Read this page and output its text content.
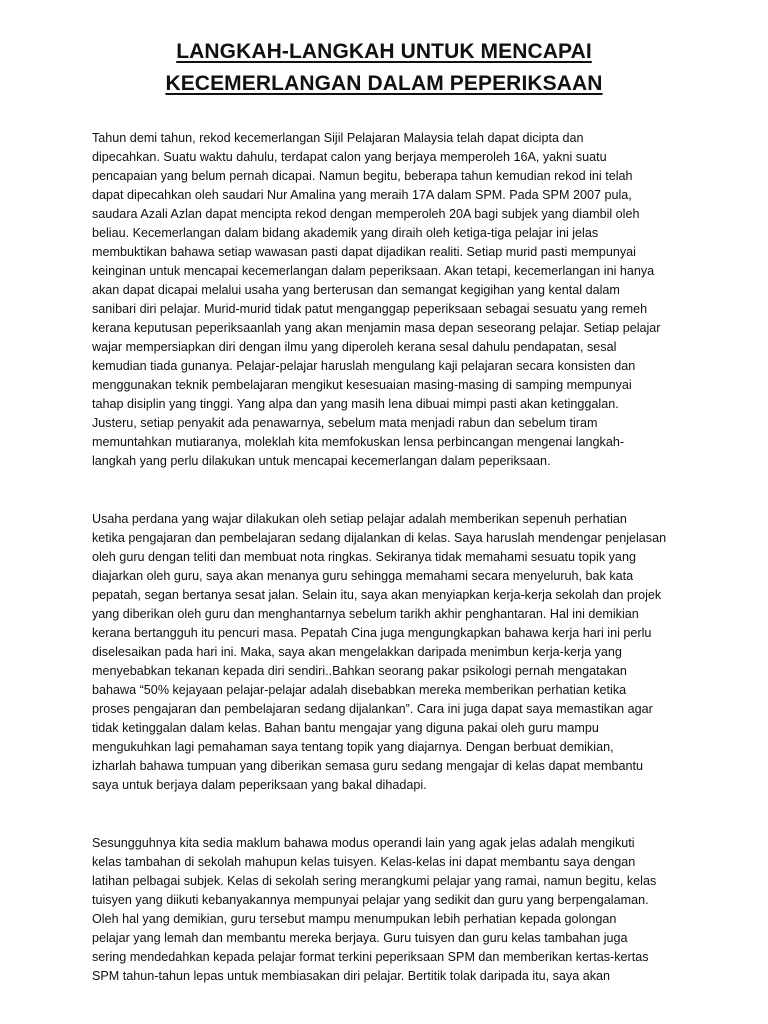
LANGKAH-LANGKAH UNTUK MENCAPAI
KECEMERLANGAN DALAM PEPERIKSAAN
Tahun demi tahun, rekod kecemerlangan Sijil Pelajaran Malaysia telah dapat dicipta dan
dipecahkan. Suatu waktu dahulu, terdapat calon yang berjaya memperoleh 16A, yakni suatu
pencapaian yang belum pernah dicapai. Namun begitu, beberapa tahun kemudian rekod ini telah
dapat dipecahkan oleh saudari Nur Amalina yang meraih 17A dalam SPM. Pada SPM 2007 pula,
saudara Azali Azlan dapat mencipta rekod dengan memperoleh 20A bagi subjek yang diambil oleh
beliau. Kecemerlangan dalam bidang akademik yang diraih oleh ketiga-tiga pelajar ini jelas
membuktikan bahawa setiap wawasan pasti dapat dijadikan realiti. Setiap murid pasti mempunyai
keinginan untuk mencapai kecemerlangan dalam peperiksaan. Akan tetapi, kecemerlangan ini hanya
akan dapat dicapai melalui usaha yang berterusan dan semangat kegigihan yang kental dalam
sanibari diri pelajar. Murid-murid tidak patut menganggap peperiksaan sebagai sesuatu yang remeh
kerana keputusan peperiksaanlah yang akan menjamin masa depan seseorang pelajar. Setiap pelajar
wajar mempersiapkan diri dengan ilmu yang diperoleh kerana sesal dahulu pendapatan, sesal
kemudian tiada gunanya. Pelajar-pelajar haruslah mengulang kaji pelajaran secara konsisten dan
menggunakan teknik pembelajaran mengikut kesesuaian masing-masing di samping mempunyai
tahap disiplin yang tinggi. Yang alpa dan yang masih lena dibuai mimpi pasti akan ketinggalan.
Justeru, setiap penyakit ada penawarnya, sebelum mata menjadi rabun dan sebelum tiram
memuntahkan mutiaranya, moleklah kita memfokuskan lensa perbincangan mengenai langkah-
langkah yang perlu dilakukan untuk mencapai kecemerlangan dalam peperiksaan.
Usaha perdana yang wajar dilakukan oleh setiap pelajar adalah memberikan sepenuh perhatian
ketika pengajaran dan pembelajaran sedang dijalankan di kelas. Saya haruslah mendengar penjelasan
oleh guru dengan teliti dan membuat nota ringkas. Sekiranya tidak memahami sesuatu topik yang
diajarkan oleh guru, saya akan menanya guru sehingga memahami secara menyeluruh, bak kata
pepatah, segan bertanya sesat jalan. Selain itu, saya akan menyiapkan kerja-kerja sekolah dan projek
yang diberikan oleh guru dan menghantarnya sebelum tarikh akhir penghantaran. Hal ini demikian
kerana bertangguh itu pencuri masa. Pepatah Cina juga mengungkapkan bahawa kerja hari ini perlu
diselesaikan pada hari ini. Maka, saya akan mengelakkan daripada menimbun kerja-kerja yang
menyebabkan tekanan kepada diri sendiri..Bahkan seorang pakar psikologi pernah mengatakan
bahawa “50% kejayaan pelajar-pelajar adalah disebabkan mereka memberikan perhatian ketika
proses pengajaran dan pembelajaran sedang dijalankan”. Cara ini juga dapat saya memastikan agar
tidak ketinggalan dalam kelas. Bahan bantu mengajar yang diguna pakai oleh guru mampu
mengukuhkan lagi pemahaman saya tentang topik yang diajarnya. Dengan berbuat demikian,
izharlah bahawa tumpuan yang diberikan semasa guru sedang mengajar di kelas dapat membantu
saya untuk berjaya dalam peperiksaan yang bakal dihadapi.
Sesungguhnya kita sedia maklum bahawa modus operandi lain yang agak jelas adalah mengikuti
kelas tambahan di sekolah mahupun kelas tuisyen. Kelas-kelas ini dapat membantu saya dengan
latihan pelbagai subjek. Kelas di sekolah sering merangkumi pelajar yang ramai, namun begitu, kelas
tuisyen yang diikuti kebanyakannya mempunyai pelajar yang sedikit dan guru yang berpengalaman.
Oleh hal yang demikian, guru tersebut mampu menumpukan lebih perhatian kepada golongan
pelajar yang lemah dan membantu mereka berjaya. Guru tuisyen dan guru kelas tambahan juga
sering mendedahkan kepada pelajar format terkini peperiksaan SPM dan memberikan kertas-kertas
SPM tahun-tahun lepas untuk membiasakan diri pelajar. Bertitik tolak daripada itu, saya akan
